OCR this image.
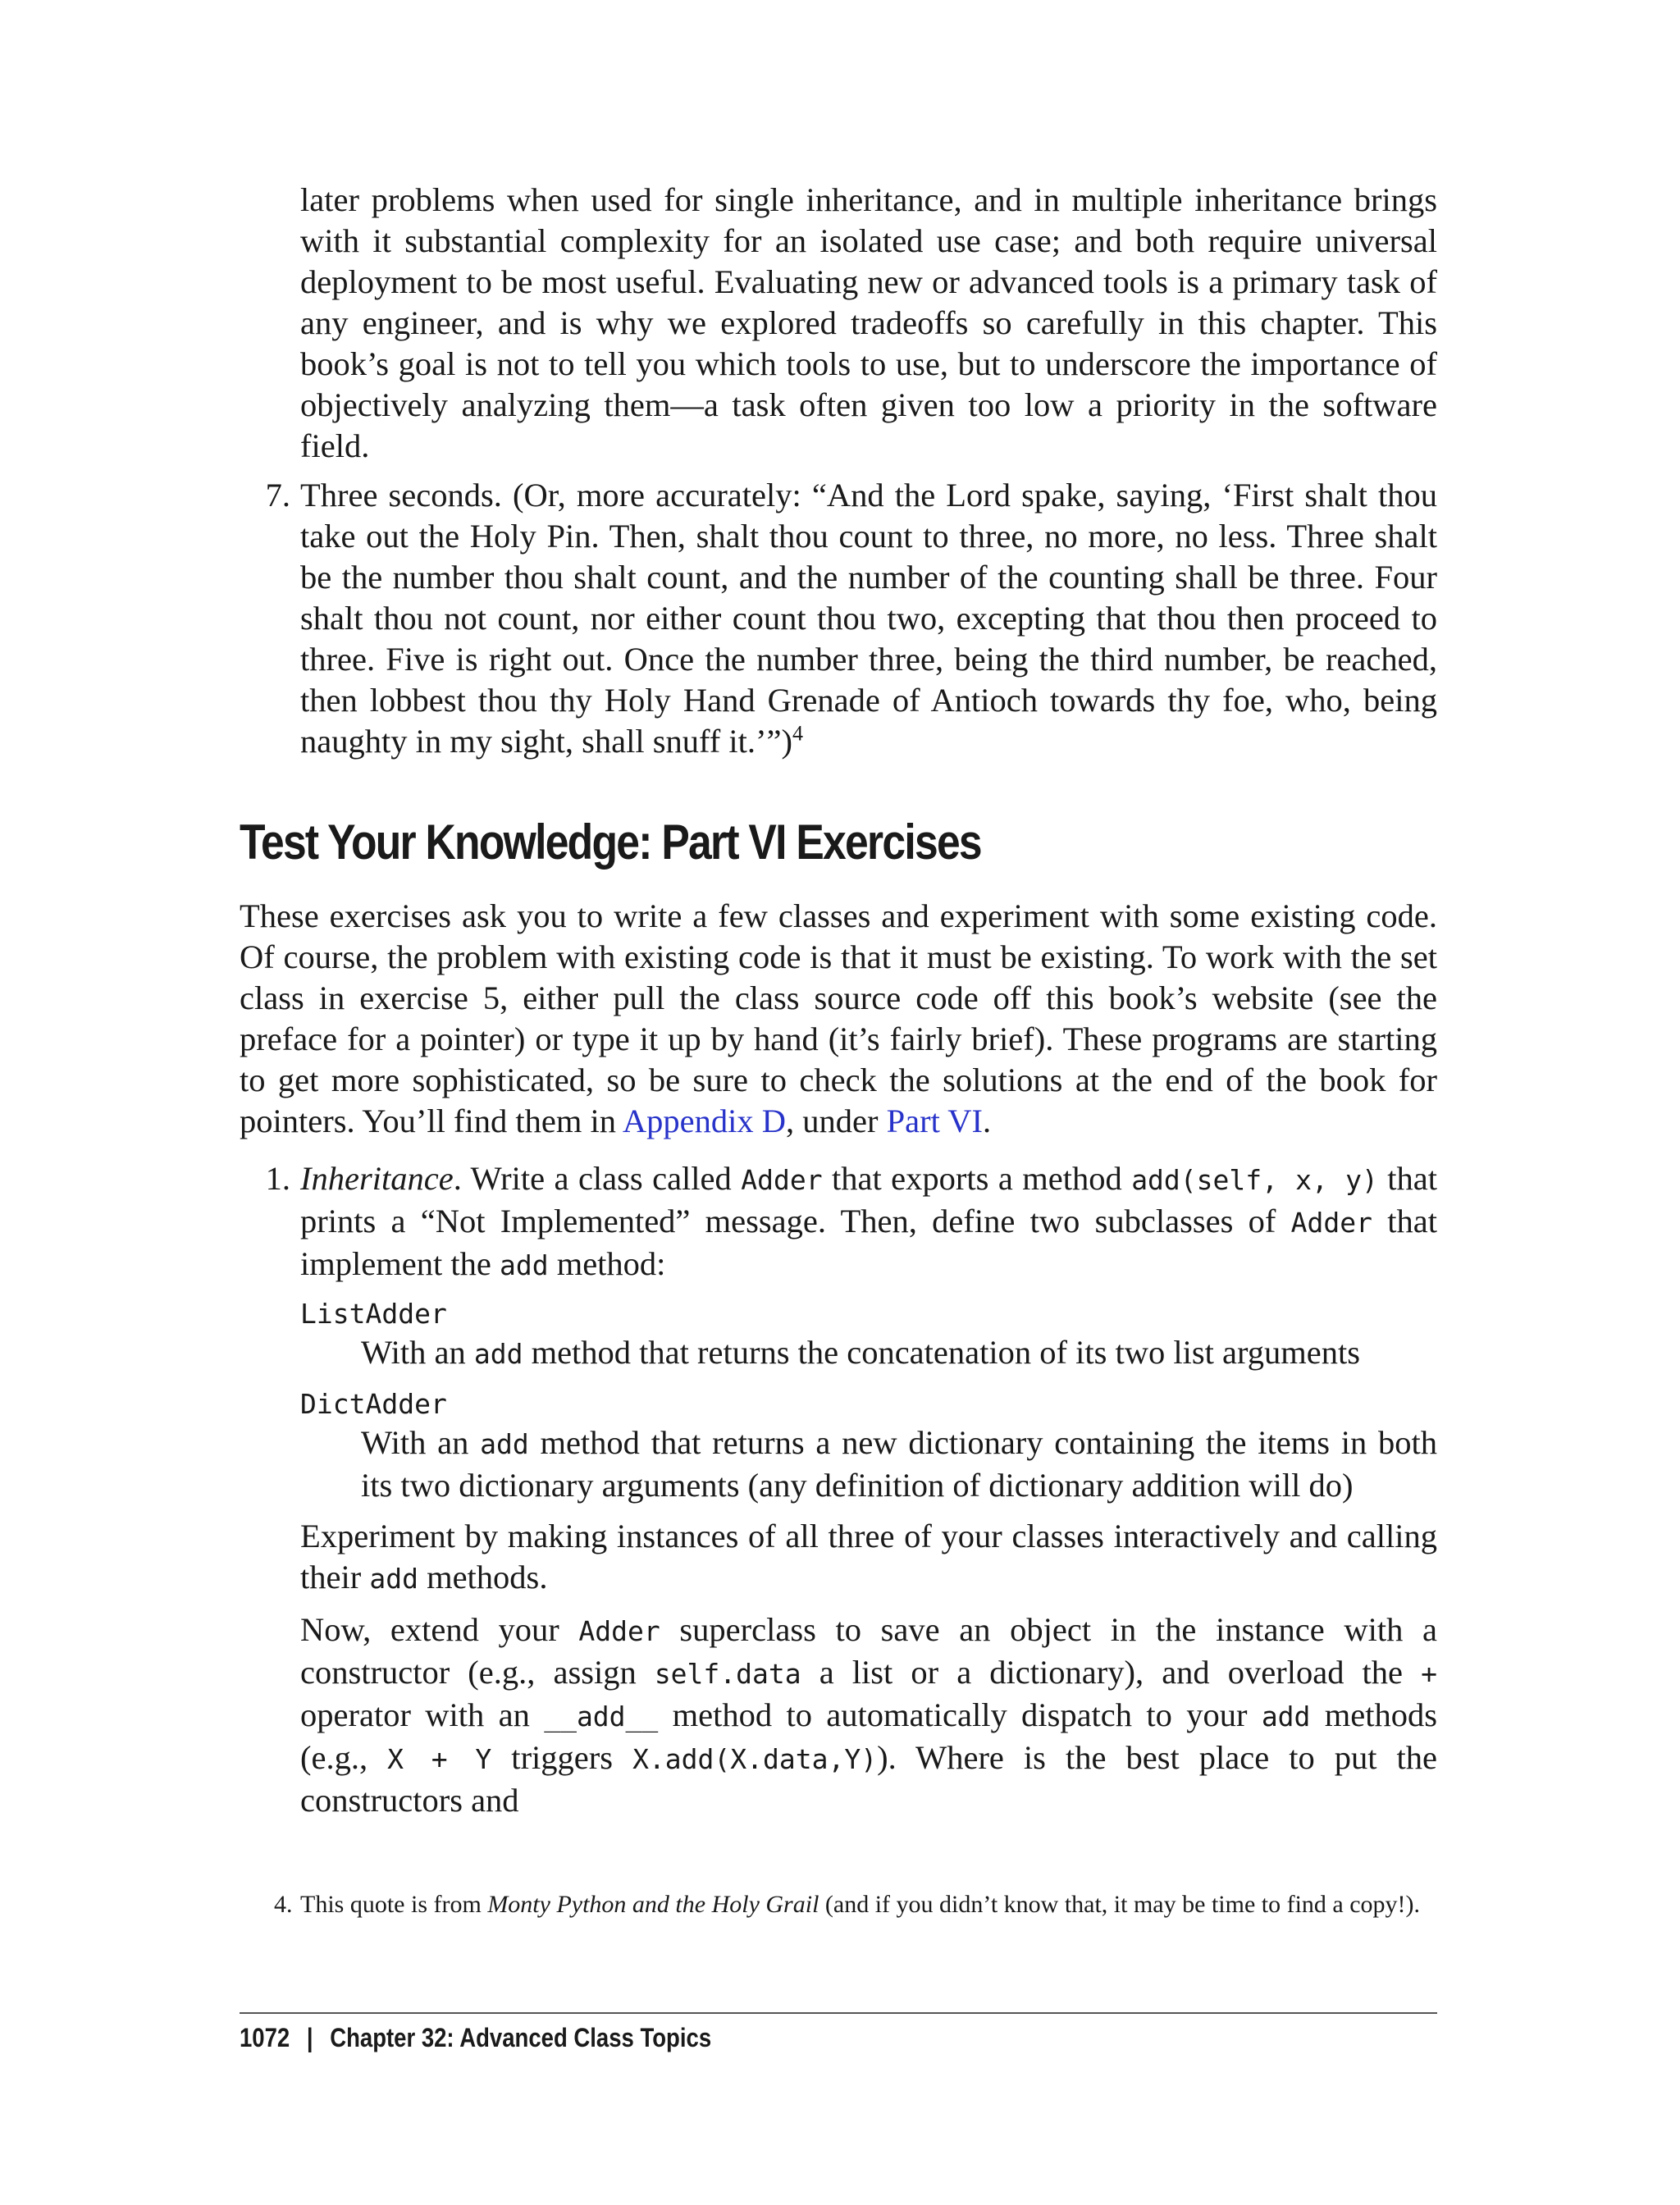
later problems when used for single inheritance, and in multiple inheritance brings with it substantial complexity for an isolated use case; and both require universal deployment to be most useful. Evaluating new or advanced tools is a primary task of any engineer, and is why we explored tradeoffs so carefully in this chapter. This book’s goal is not to tell you which tools to use, but to underscore the importance of objectively analyzing them—a task often given too low a priority in the software field.

7. Three seconds. (Or, more accurately: “And the Lord spake, saying, ‘First shalt thou take out the Holy Pin. Then, shalt thou count to three, no more, no less. Three shalt be the number thou shalt count, and the number of the counting shall be three. Four shalt thou not count, nor either count thou two, excepting that thou then proceed to three. Five is right out. Once the number three, being the third number, be reached, then lobbest thou thy Holy Hand Grenade of Antioch towards thy foe, who, being naughty in my sight, shall snuff it.’”)$^4$

Test Your Knowledge: Part VI Exercises

These exercises ask you to write a few classes and experiment with some existing code. Of course, the problem with existing code is that it must be existing. To work with the set class in exercise 5, either pull the class source code off this book’s website (see the preface for a pointer) or type it up by hand (it’s fairly brief). These programs are starting to get more sophisticated, so be sure to check the solutions at the end of the book for pointers. You’ll find them in Appendix D, under Part VI.

1. Inheritance. Write a class called Adder that exports a method add(self, x, y) that prints a “Not Implemented” message. Then, define two subclasses of Adder that implement the add method:

ListAdder

With an add method that returns the concatenation of its two list arguments

DictAdder

With an add method that returns a new dictionary containing the items in both its two dictionary arguments (any definition of dictionary addition will do)

Experiment by making instances of all three of your classes interactively and calling their add methods.

Now, extend your Adder superclass to save an object in the instance with a constructor (e.g., assign self.data a list or a dictionary), and overload the + operator with an __add__ method to automatically dispatch to your add methods (e.g., X + Y triggers X.add(X.data,Y)). Where is the best place to put the constructors and

4. This quote is from Monty Python and the Holy Grail (and if you didn’t know that, it may be time to find a copy!).

1072 | Chapter 32: Advanced Class Topics
